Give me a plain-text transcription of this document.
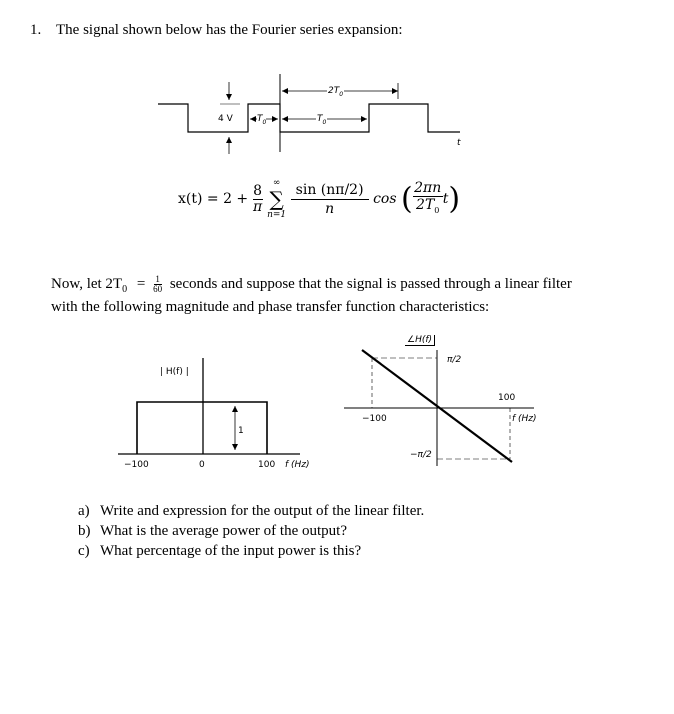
1. The signal shown below has the Fourier series expansion:
$2T_0$
4 V	$T_0$	$T_0$
t
$x(t) = 2 + \frac{8}{\pi}$

∞
∑
n=1
$\frac{\sin (n\pi/2)}{n}$ cos ( $\frac{2\pi n}{2T_0} t$)
Now, let $2T_0 = \frac{1}{60}$ seconds and suppose that the signal is passed through a linear filter
with the following magnitude and phase transfer function characteristics:
| H(f) |
1
−100	0	100 f (Hz)
∠H(f)
π/2
−π/2
−100
100
f (Hz)
a) Write and expression for the output of the linear filter.
b) What is the average power of the output?
c) What percentage of the input power is this?
